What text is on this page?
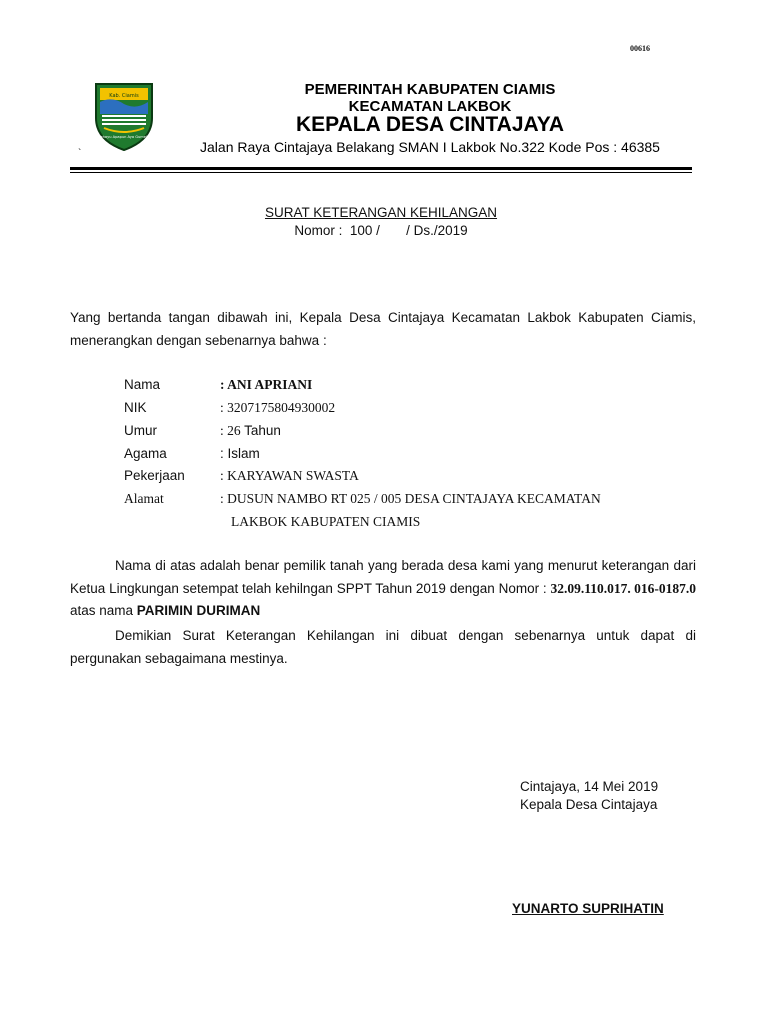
00616
Kab. Ciamis
Mahayu Apapun Aya Gumelar
PEMERINTAH KABUPATEN CIAMIS
KECAMATAN LAKBOK
KEPALA DESA CINTAJAYA
Jalan Raya Cintajaya Belakang SMAN I Lakbok No.322 Kode Pos : 46385
`
SURAT KETERANGAN KEHILANGAN
Nomor :  100 /       / Ds./2019
Yang bertanda tangan dibawah ini, Kepala Desa Cintajaya Kecamatan Lakbok Kabupaten Ciamis, menerangkan dengan sebenarnya bahwa :
Nama	: ANI APRIANI
NIK	: 3207175804930002
Umur	: 26 Tahun
Agama	: Islam
Pekerjaan	: KARYAWAN SWASTA
Alamat	: DUSUN NAMBO RT 025 / 005 DESA CINTAJAYA KECAMATAN
LAKBOK KABUPATEN CIAMIS
Nama di atas adalah benar pemilik tanah yang berada desa kami yang menurut keterangan dari Ketua Lingkungan setempat telah kehilngan SPPT Tahun 2019 dengan Nomor : 32.09.110.017. 016-0187.0 atas nama PARIMIN DURIMAN
Demikian Surat Keterangan Kehilangan ini dibuat dengan sebenarnya untuk dapat di pergunakan sebagaimana mestinya.
Cintajaya, 14 Mei 2019
Kepala Desa Cintajaya
YUNARTO SUPRIHATIN
